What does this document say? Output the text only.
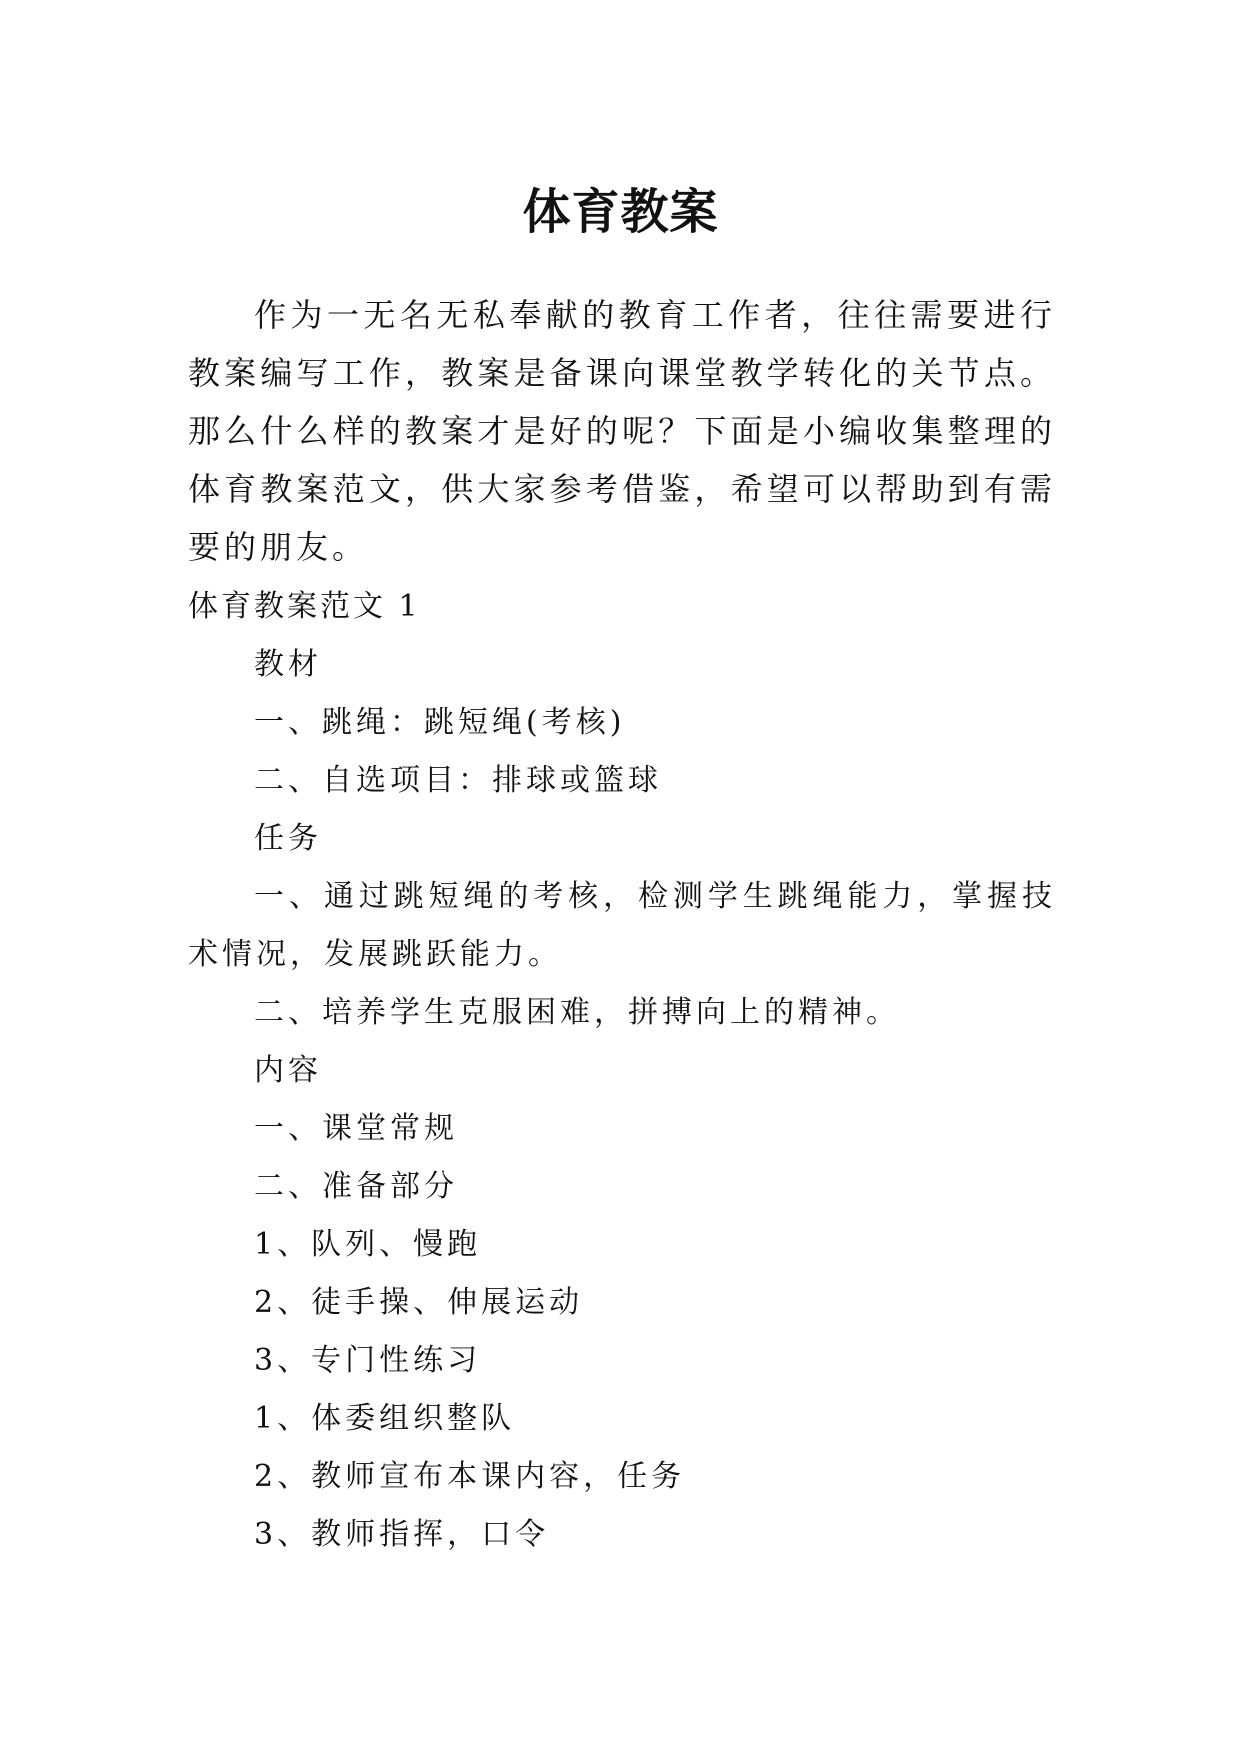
体育教案

作为一无名无私奉献的教育工作者，往往需要进行教案编写工作，教案是备课向课堂教学转化的关节点。那么什么样的教案才是好的呢？下面是小编收集整理的体育教案范文，供大家参考借鉴，希望可以帮助到有需要的朋友。

体育教案范文 1

教材
一、跳绳：跳短绳(考核)
二、自选项目：排球或篮球
任务
一、通过跳短绳的考核，检测学生跳绳能力，掌握技术情况，发展跳跃能力。
二、培养学生克服困难，拼搏向上的精神。
内容
一、课堂常规
二、准备部分
1、队列、慢跑
2、徒手操、伸展运动
3、专门性练习
1、体委组织整队
2、教师宣布本课内容，任务
3、教师指挥，口令
